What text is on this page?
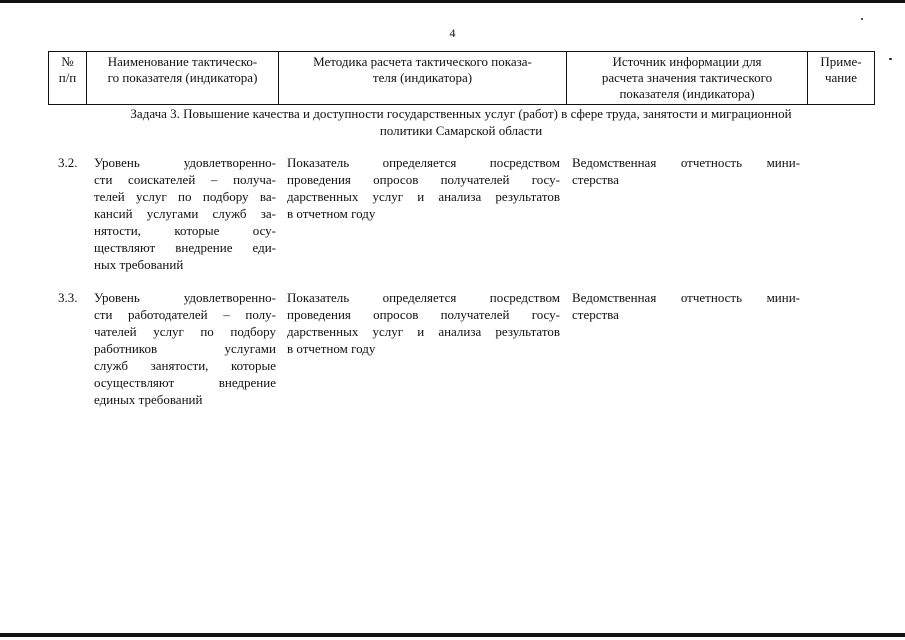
4
№
п/п
Наименование тактическо-
го показателя (индикатора)
Методика расчета тактического показа-
теля (индикатора)
Источник информации для
расчета значения тактического
показателя (индикатора)
Приме-
чание
Задача 3. Повышение качества и доступности государственных услуг (работ) в сфере труда, занятости и миграционной
политики Самарской области
3.2. Уровень удовлетворенно-
сти соискателей – получа-
телей услуг по подбору ва-
кансий услугами служб за-
нятости, которые осу-
ществляют внедрение еди-
ных требований
Показатель определяется посредством
проведения опросов получателей госу-
дарственных услуг и анализа результатов
в отчетном году
Ведомственная отчетность мини-
стерства
3.3. Уровень удовлетворенно-
сти работодателей – полу-
чателей услуг по подбору
работников услугами
служб занятости, которые
осуществляют внедрение
единых требований
Показатель определяется посредством
проведения опросов получателей госу-
дарственных услуг и анализа результатов
в отчетном году
Ведомственная отчетность мини-
стерства
